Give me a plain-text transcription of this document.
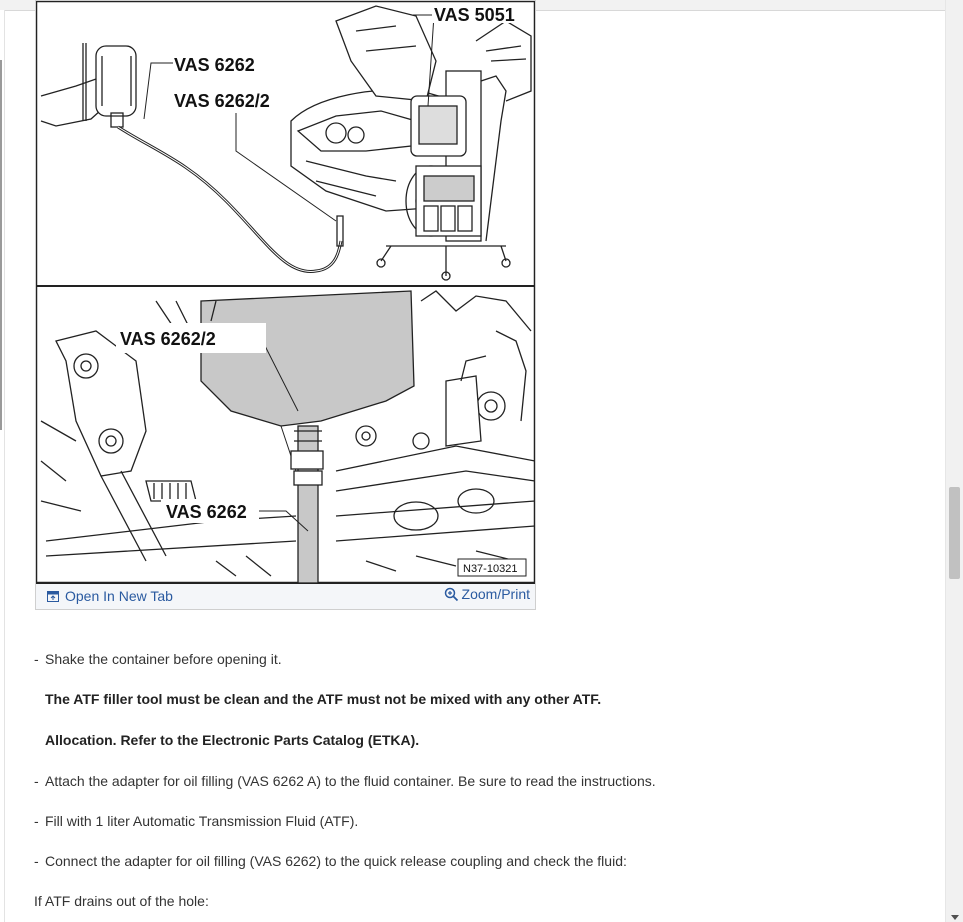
VAS 5051
VAS 6262
VAS 6262/2
VAS 6262/2
VAS 6262
N37-10321
Open In New Tab	Zoom/Print
- Shake the container before opening it.
The ATF filler tool must be clean and the ATF must not be mixed with any other ATF.
Allocation. Refer to the Electronic Parts Catalog (ETKA).
- Attach the adapter for oil filling (VAS 6262 A) to the fluid container. Be sure to read the instructions.
- Fill with 1 liter Automatic Transmission Fluid (ATF).
- Connect the adapter for oil filling (VAS 6262) to the quick release coupling and check the fluid:
If ATF drains out of the hole:
